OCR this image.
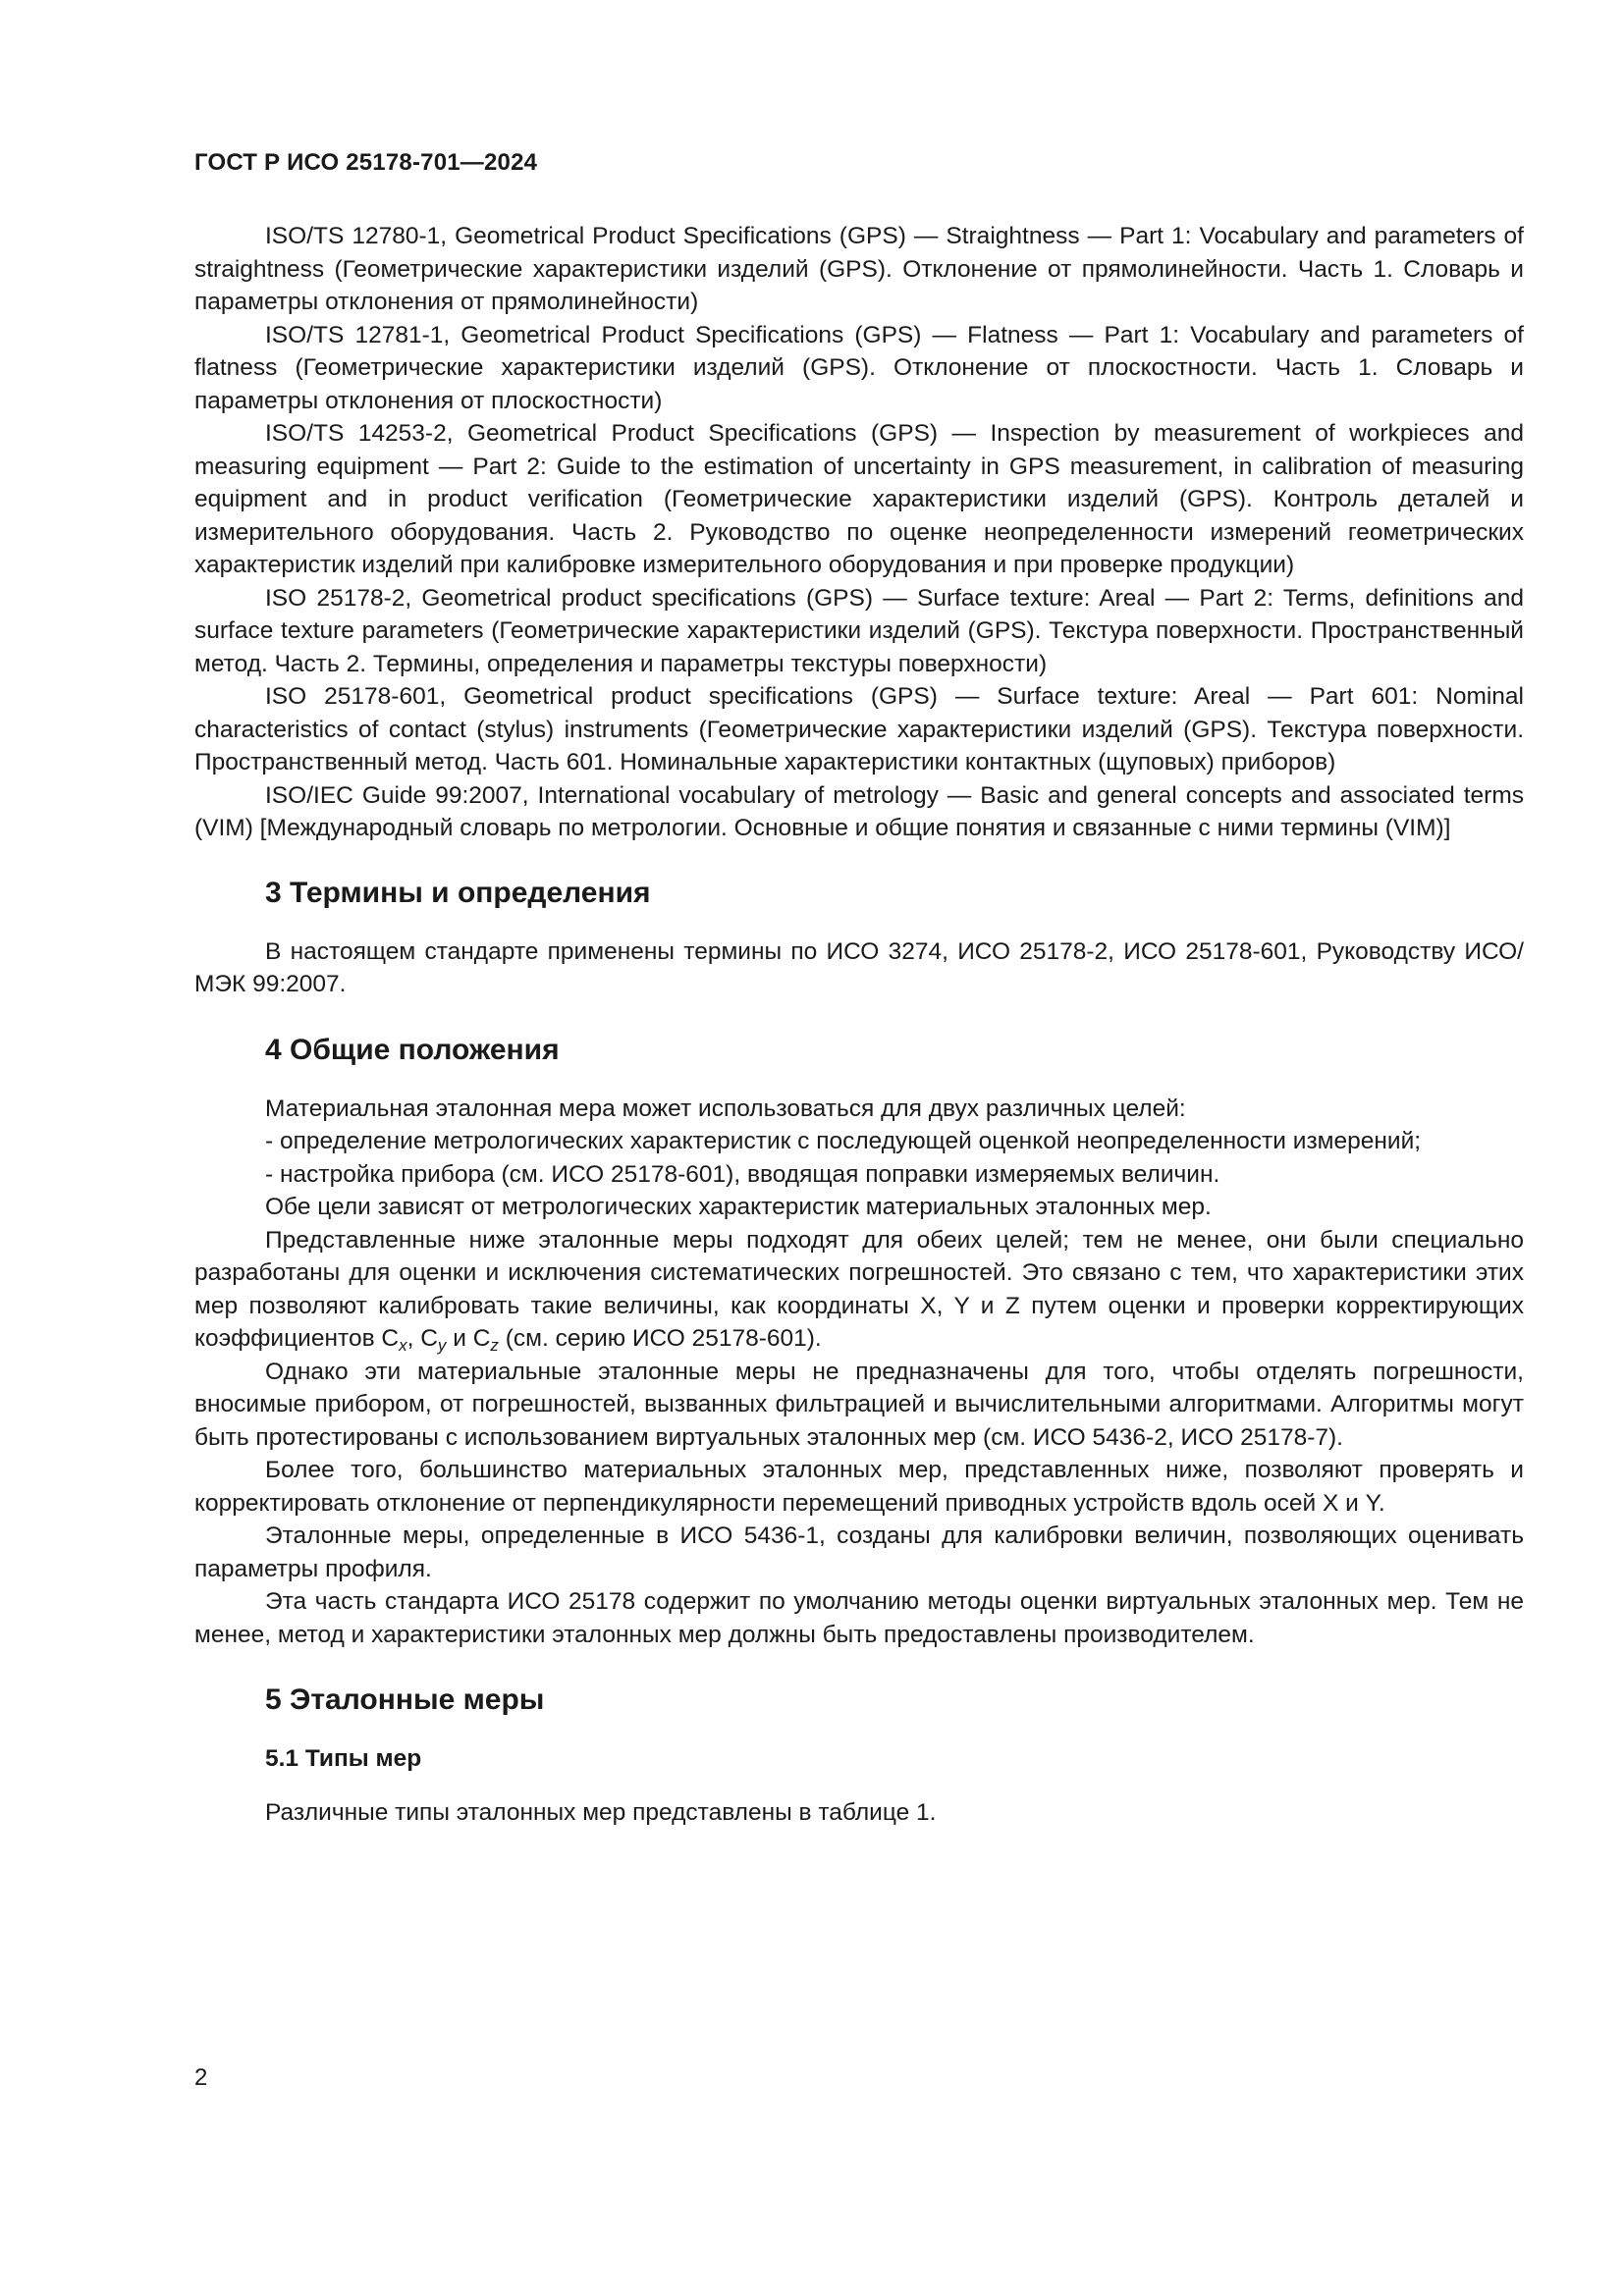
ГОСТ Р ИСО 25178-701—2024

ISO/TS 12780-1, Geometrical Product Specifications (GPS) — Straightness — Part 1: Vocabulary and parameters of straightness (Геометрические характеристики изделий (GPS). Отклонение от прямолинейности. Часть 1. Словарь и параметры отклонения от прямолинейности)

ISO/TS 12781-1, Geometrical Product Specifications (GPS) — Flatness — Part 1: Vocabulary and parameters of flatness (Геометрические характеристики изделий (GPS). Отклонение от плоскостности. Часть 1. Словарь и параметры отклонения от плоскостности)

ISO/TS 14253-2, Geometrical Product Specifications (GPS) — Inspection by measurement of workpieces and measuring equipment — Part 2: Guide to the estimation of uncertainty in GPS measurement, in calibration of measuring equipment and in product verification (Геометрические характеристики изделий (GPS). Контроль деталей и измерительного оборудования. Часть 2. Руководство по оценке неопределенности измерений геометрических характеристик изделий при калибровке измерительного оборудования и при проверке продукции)

ISO 25178-2, Geometrical product specifications (GPS) — Surface texture: Areal — Part 2: Terms, definitions and surface texture parameters (Геометрические характеристики изделий (GPS). Текстура поверхности. Пространственный метод. Часть 2. Термины, определения и параметры текстуры поверхности)

ISO 25178-601, Geometrical product specifications (GPS) — Surface texture: Areal — Part 601: Nominal characteristics of contact (stylus) instruments (Геометрические характеристики изделий (GPS). Текстура поверхности. Пространственный метод. Часть 601. Номинальные характеристики контактных (щуповых) приборов)

ISO/IEC Guide 99:2007, International vocabulary of metrology — Basic and general concepts and associated terms (VIM) [Международный словарь по метрологии. Основные и общие понятия и связанные с ними термины (VIM)]

3 Термины и определения

В настоящем стандарте применены термины по ИСО 3274, ИСО 25178-2, ИСО 25178-601, Руководству ИСО/МЭК 99:2007.

4 Общие положения

Материальная эталонная мера может использоваться для двух различных целей:

- определение метрологических характеристик с последующей оценкой неопределенности измерений;

- настройка прибора (см. ИСО 25178-601), вводящая поправки измеряемых величин.

Обе цели зависят от метрологических характеристик материальных эталонных мер.

Представленные ниже эталонные меры подходят для обеих целей; тем не менее, они были специально разработаны для оценки и исключения систематических погрешностей. Это связано с тем, что характеристики этих мер позволяют калибровать такие величины, как координаты X, Y и Z путем оценки и проверки корректирующих коэффициентов $C_x$, $C_y$ и $C_z$ (см. серию ИСО 25178-601).

Однако эти материальные эталонные меры не предназначены для того, чтобы отделять погрешности, вносимые прибором, от погрешностей, вызванных фильтрацией и вычислительными алгоритмами. Алгоритмы могут быть протестированы с использованием виртуальных эталонных мер (см. ИСО 5436-2, ИСО 25178-7).

Более того, большинство материальных эталонных мер, представленных ниже, позволяют проверять и корректировать отклонение от перпендикулярности перемещений приводных устройств вдоль осей X и Y.

Эталонные меры, определенные в ИСО 5436-1, созданы для калибровки величин, позволяющих оценивать параметры профиля.

Эта часть стандарта ИСО 25178 содержит по умолчанию методы оценки виртуальных эталонных мер. Тем не менее, метод и характеристики эталонных мер должны быть предоставлены производителем.

5 Эталонные меры
5.1 Типы мер

Различные типы эталонных мер представлены в таблице 1.

2
